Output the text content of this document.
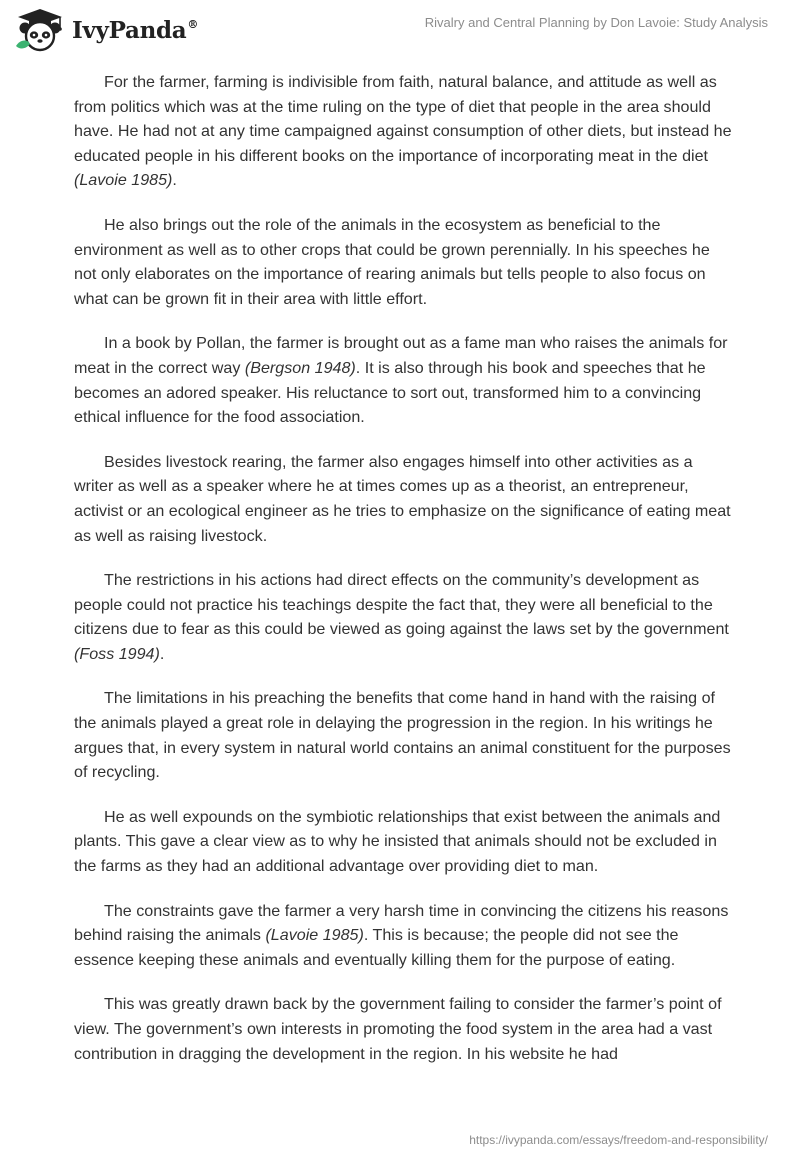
IvyPanda®	Rivalry and Central Planning by Don Lavoie: Study Analysis

For the farmer, farming is indivisible from faith, natural balance, and attitude as well as from politics which was at the time ruling on the type of diet that people in the area should have. He had not at any time campaigned against consumption of other diets, but instead he educated people in his different books on the importance of incorporating meat in the diet (Lavoie 1985).

He also brings out the role of the animals in the ecosystem as beneficial to the environment as well as to other crops that could be grown perennially. In his speeches he not only elaborates on the importance of rearing animals but tells people to also focus on what can be grown fit in their area with little effort.

In a book by Pollan, the farmer is brought out as a fame man who raises the animals for meat in the correct way (Bergson 1948). It is also through his book and speeches that he becomes an adored speaker. His reluctance to sort out, transformed him to a convincing ethical influence for the food association.

Besides livestock rearing, the farmer also engages himself into other activities as a writer as well as a speaker where he at times comes up as a theorist, an entrepreneur, activist or an ecological engineer as he tries to emphasize on the significance of eating meat as well as raising livestock.

The restrictions in his actions had direct effects on the community’s development as people could not practice his teachings despite the fact that, they were all beneficial to the citizens due to fear as this could be viewed as going against the laws set by the government (Foss 1994).

The limitations in his preaching the benefits that come hand in hand with the raising of the animals played a great role in delaying the progression in the region. In his writings he argues that, in every system in natural world contains an animal constituent for the purposes of recycling.

He as well expounds on the symbiotic relationships that exist between the animals and plants. This gave a clear view as to why he insisted that animals should not be excluded in the farms as they had an additional advantage over providing diet to man.

The constraints gave the farmer a very harsh time in convincing the citizens his reasons behind raising the animals (Lavoie 1985). This is because; the people did not see the essence keeping these animals and eventually killing them for the purpose of eating.

This was greatly drawn back by the government failing to consider the farmer’s point of view. The government’s own interests in promoting the food system in the area had a vast contribution in dragging the development in the region. In his website he had

https://ivypanda.com/essays/freedom-and-responsibility/
